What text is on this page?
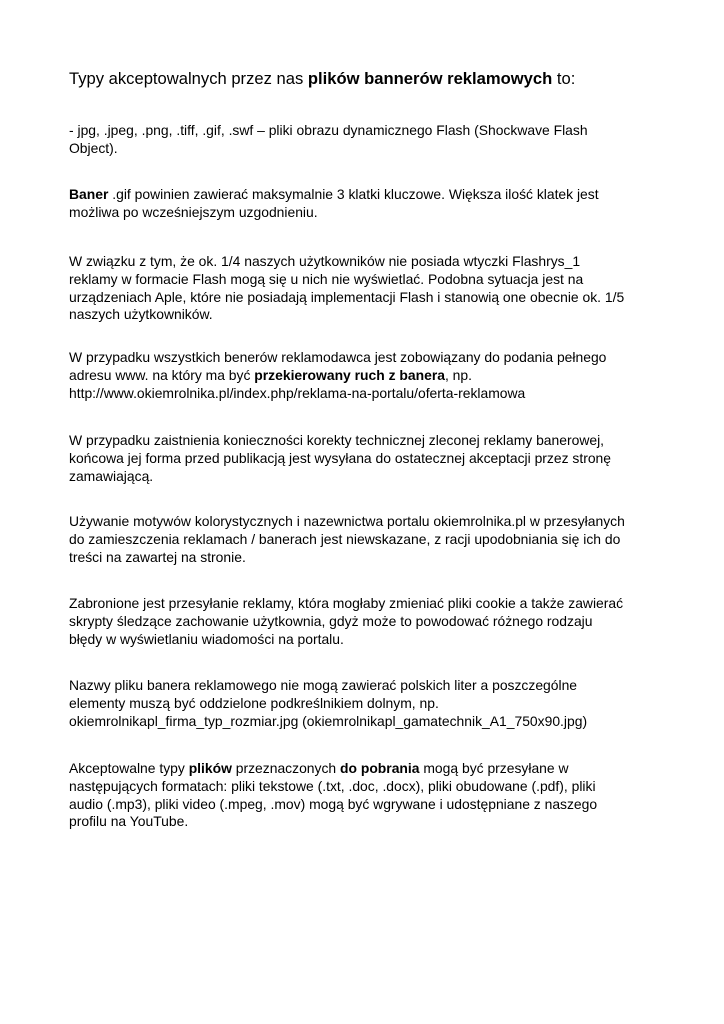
Typy akceptowalnych przez nas plików bannerów reklamowych to:
- jpg, .jpeg, .png, .tiff, .gif, .swf – pliki obrazu dynamicznego Flash (Shockwave Flash
Object).
Baner .gif powinien zawierać maksymalnie 3 klatki kluczowe. Większa ilość klatek jest
możliwa po wcześniejszym uzgodnieniu.
W związku z tym, że ok. 1/4 naszych użytkowników nie posiada wtyczki Flashrys_1
reklamy w formacie Flash mogą się u nich nie wyświetlać. Podobna sytuacja jest na
urządzeniach Aple, które nie posiadają implementacji Flash i stanowią one obecnie ok. 1/5
naszych użytkowników.
W przypadku wszystkich benerów reklamodawca jest zobowiązany do podania pełnego
adresu www. na który ma być przekierowany ruch z banera, np.
http://www.okiemrolnika.pl/index.php/reklama-na-portalu/oferta-reklamowa
W przypadku zaistnienia konieczności korekty technicznej zleconej reklamy banerowej,
końcowa jej forma przed publikacją jest wysyłana do ostatecznej akceptacji przez stronę
zamawiającą.
Używanie motywów kolorystycznych i nazewnictwa portalu okiemrolnika.pl w przesyłanych
do zamieszczenia reklamach / banerach jest niewskazane, z racji upodobniania się ich do
treści na zawartej na stronie.
Zabronione jest przesyłanie reklamy, która mogłaby zmieniać pliki cookie a także zawierać
skrypty śledzące zachowanie użytkownia, gdyż może to powodować różnego rodzaju
błędy w wyświetlaniu wiadomości na portalu.
Nazwy pliku banera reklamowego nie mogą zawierać polskich liter a poszczególne
elementy muszą być oddzielone podkreślnikiem dolnym, np.
okiemrolnikapl_firma_typ_rozmiar.jpg (okiemrolnikapl_gamatechnik_A1_750x90.jpg)
Akceptowalne typy plików przeznaczonych do pobrania mogą być przesyłane w
następujących formatach: pliki tekstowe (.txt, .doc, .docx), pliki obudowane (.pdf), pliki
audio (.mp3), pliki video (.mpeg, .mov) mogą być wgrywane i udostępniane z naszego
profilu na YouTube.
